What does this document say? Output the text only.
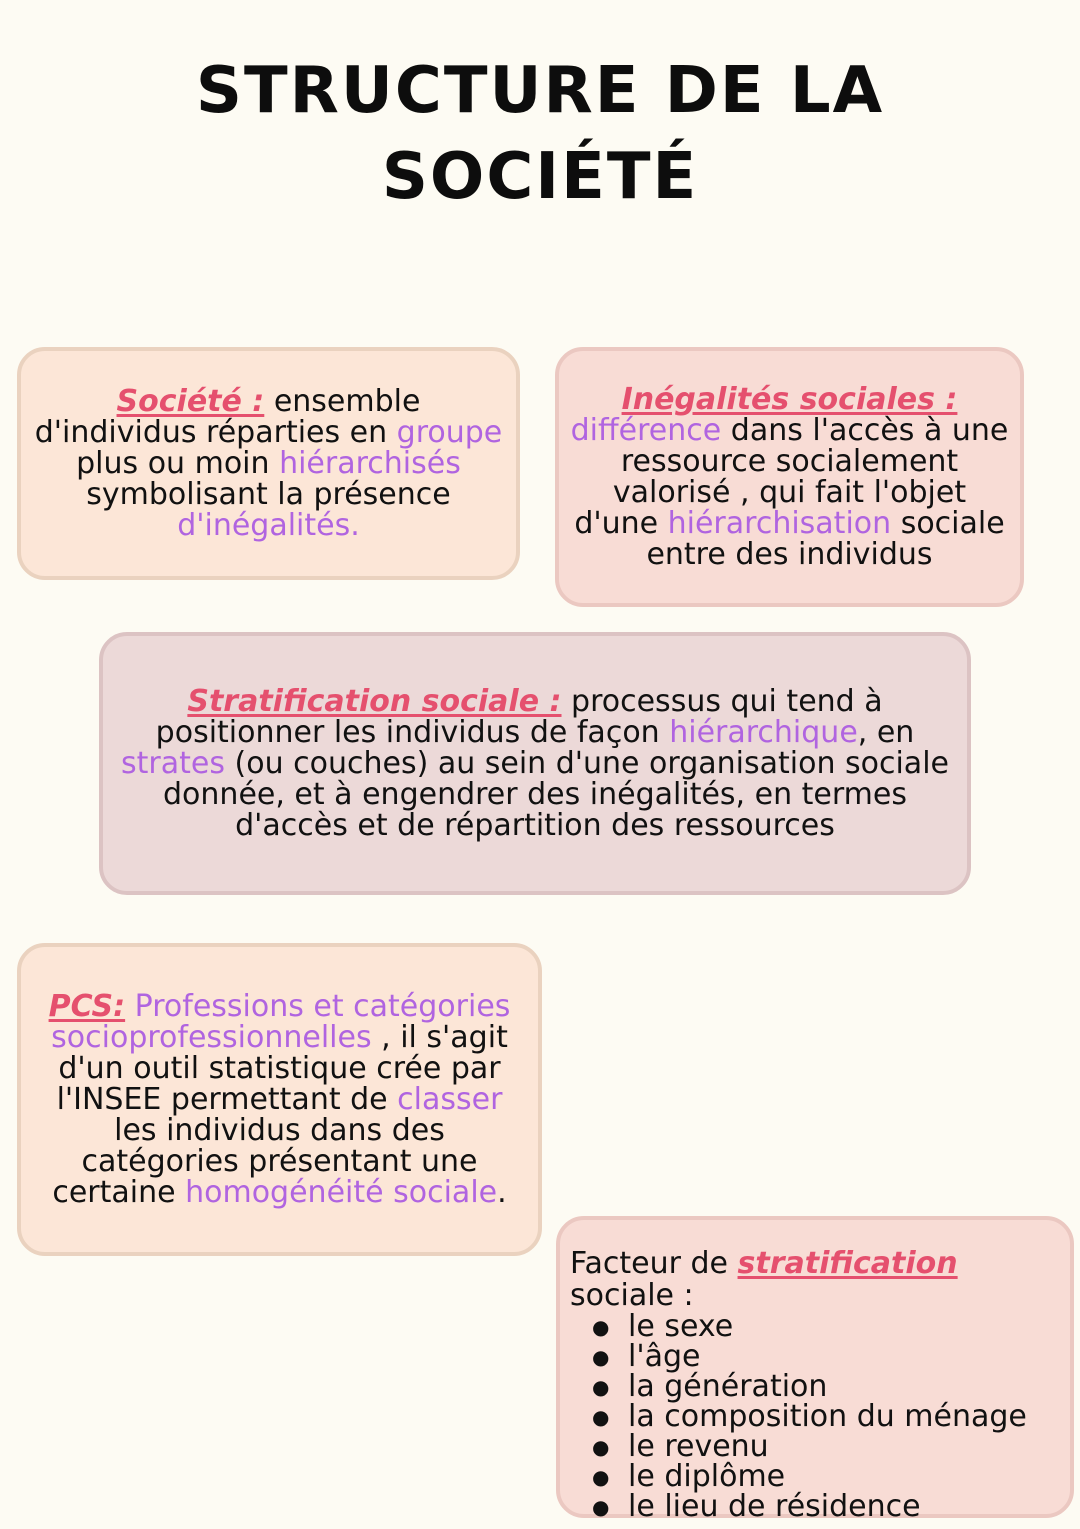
STRUCTURE DE LA
SOCIÉTÉ
Société : ensemble d'individus réparties en groupe plus ou moin hiérarchisés symbolisant la présence d'inégalités.
Inégalités sociales :
différence dans l'accès à une ressource socialement valorisé , qui fait l'objet d'une hiérarchisation sociale entre des individus
Stratification sociale : processus qui tend à positionner les individus de façon hiérarchique, en strates (ou couches) au sein d'une organisation sociale donnée, et à engendrer des inégalités, en termes d'accès et de répartition des ressources
PCS: Professions et catégories socioprofessionnelles , il s'agit d'un outil statistique crée par l'INSEE permettant de classer les individus dans des catégories présentant une certaine homogénéité sociale.
Facteur de stratification sociale :
● le sexe
● l'âge
● la génération
● la composition du ménage
● le revenu
● le diplôme
● le lieu de résidence
